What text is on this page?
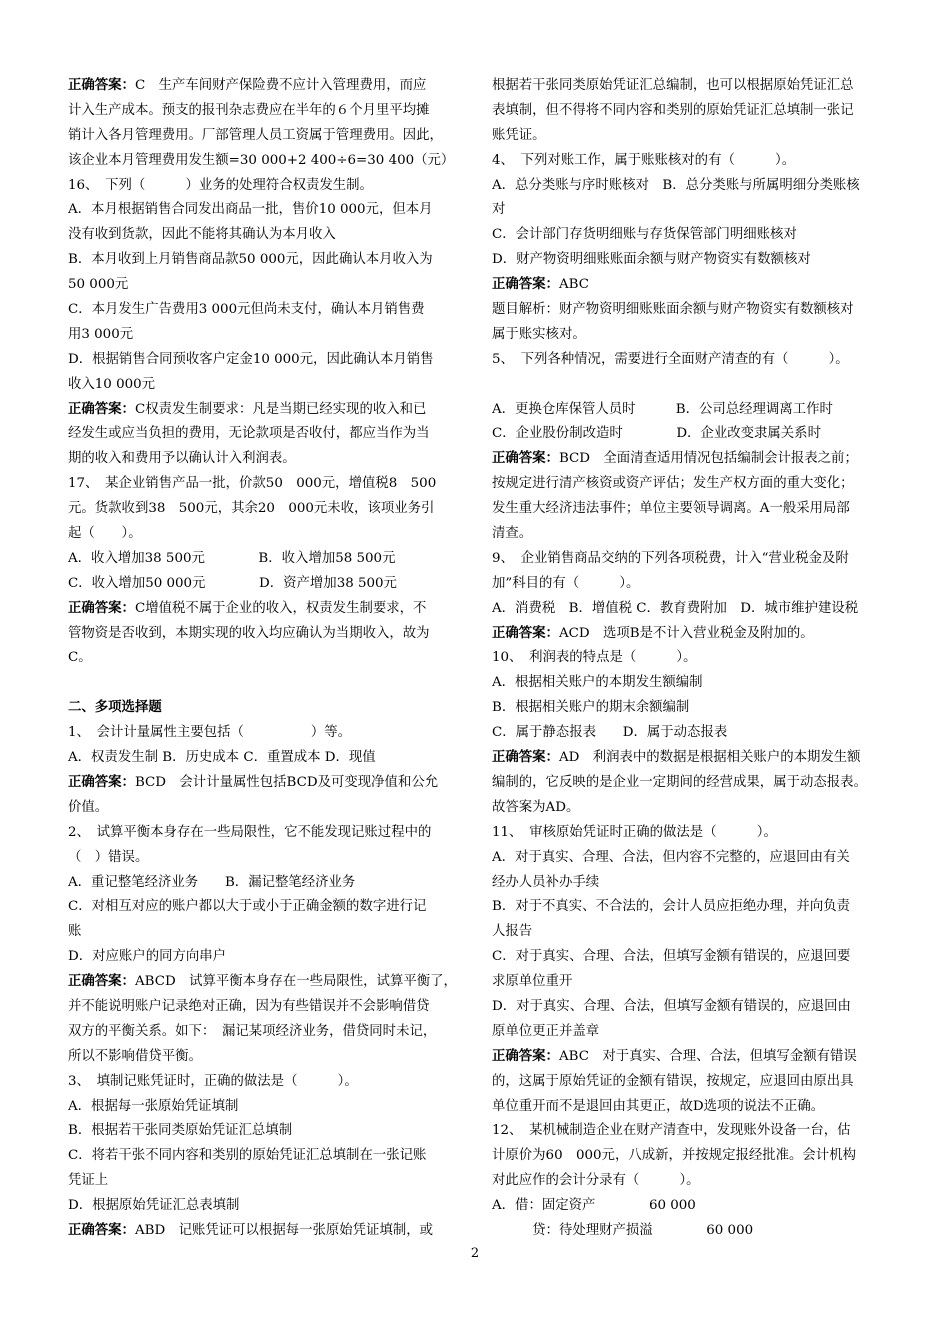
正确答案：C　生产车间财产保险费不应计入管理费用，而应
计入生产成本。预支的报刊杂志费应在半年的６个月里平均摊
销计入各月管理费用。厂部管理人员工资属于管理费用。因此，
该企业本月管理费用发生额=30 000+2 400÷6=30 400（元）
16、　下列（　　　）业务的处理符合权责发生制。
A．本月根据销售合同发出商品一批，售价10 000元，但本月
没有收到货款，因此不能将其确认为本月收入
B．本月收到上月销售商品款50 000元，因此确认本月收入为
50 000元
C．本月发生广告费用3 000元但尚未支付，确认本月销售费
用3 000元
D．根据销售合同预收客户定金10 000元，因此确认本月销售
收入10 000元
正确答案：C权责发生制要求：凡是当期已经实现的收入和已
经发生或应当负担的费用，无论款项是否收付，都应当作为当
期的收入和费用予以确认计入利润表。
17、　某企业销售产品一批，价款50　000元，增值税8　500
元。货款收到38　500元，其余20　000元未收，该项业务引
起（　　）。
A．收入增加38 500元　　　　B．收入增加58 500元
C．收入增加50 000元　　　　D．资产增加38 500元
正确答案：C增值税不属于企业的收入，权责发生制要求，不
管物资是否收到，本期实现的收入均应确认为当期收入，故为
C。
二、多项选择题
1、　会计计量属性主要包括（　　　　　）等。
A．权责发生制 B．历史成本 C．重置成本 D．现值
正确答案：BCD　会计计量属性包括BCD及可变现净值和公允
价值。
2、　试算平衡本身存在一些局限性，它不能发现记账过程中的
（　）错误。
A．重记整笔经济业务　　B．漏记整笔经济业务
C．对相互对应的账户都以大于或小于正确金额的数字进行记
账
D．对应账户的同方向串户
正确答案：ABCD　试算平衡本身存在一些局限性，试算平衡了，
并不能说明账户记录绝对正确，因为有些错误并不会影响借贷
双方的平衡关系。如下：　漏记某项经济业务，借贷同时未记，
所以不影响借贷平衡。
3、　填制记账凭证时，正确的做法是（　　　）。
A．根据每一张原始凭证填制
B．根据若干张同类原始凭证汇总填制
C．将若干张不同内容和类别的原始凭证汇总填制在一张记账
凭证上
D．根据原始凭证汇总表填制
正确答案：ABD　记账凭证可以根据每一张原始凭证填制，或
根据若干张同类原始凭证汇总编制，也可以根据原始凭证汇总
表填制，但不得将不同内容和类别的原始凭证汇总填制一张记
账凭证。
4、　下列对账工作，属于账账核对的有（　　　）。
A．总分类账与序时账核对　B．总分类账与所属明细分类账核
对
C．会计部门存货明细账与存货保管部门明细账核对
D．财产物资明细账账面余额与财产物资实有数额核对
正确答案：ABC
题目解析：财产物资明细账账面余额与财产物资实有数额核对
属于账实核对。
5、　下列各种情况，需要进行全面财产清查的有（　　　）。
A．更换仓库保管人员时　　　B．公司总经理调离工作时
C．企业股份制改造时　　　　D．企业改变隶属关系时
正确答案：BCD　全面清查适用情况包括编制会计报表之前；
按规定进行清产核资或资产评估；发生产权方面的重大变化；
发生重大经济违法事件；单位主要领导调离。A一般采用局部
清查。
9、　企业销售商品交纳的下列各项税费，计入“营业税金及附
加”科目的有（　　　）。
A．消费税　B．增值税 C．教育费附加　D．城市维护建设税
正确答案：ACD　选项B是不计入营业税金及附加的。
10、　利润表的特点是（　　　）。
A．根据相关账户的本期发生额编制
B．根据相关账户的期末余额编制
C．属于静态报表　　D．属于动态报表
正确答案：AD　利润表中的数据是根据相关账户的本期发生额
编制的，它反映的是企业一定期间的经营成果，属于动态报表。
故答案为AD。
11、　审核原始凭证时正确的做法是（　　　）。
A．对于真实、合理、合法，但内容不完整的，应退回由有关
经办人员补办手续
B．对于不真实、不合法的，会计人员应拒绝办理，并向负责
人报告
C．对于真实、合理、合法，但填写金额有错误的，应退回要
求原单位重开
D．对于真实、合理、合法，但填写金额有错误的，应退回由
原单位更正并盖章
正确答案：ABC　对于真实、合理、合法，但填写金额有错误
的，这属于原始凭证的金额有错误，按规定，应退回由原出具
单位重开而不是退回由其更正，故D选项的说法不正确。
12、　某机械制造企业在财产清查中，发现账外设备一台，估
计原价为60　000元，八成新，并按规定报经批准。会计机构
对此应作的会计分录有（　　　）。
A．借：固定资产　　　　60 000
　　　贷：待处理财产损溢　　　　60 000
2
